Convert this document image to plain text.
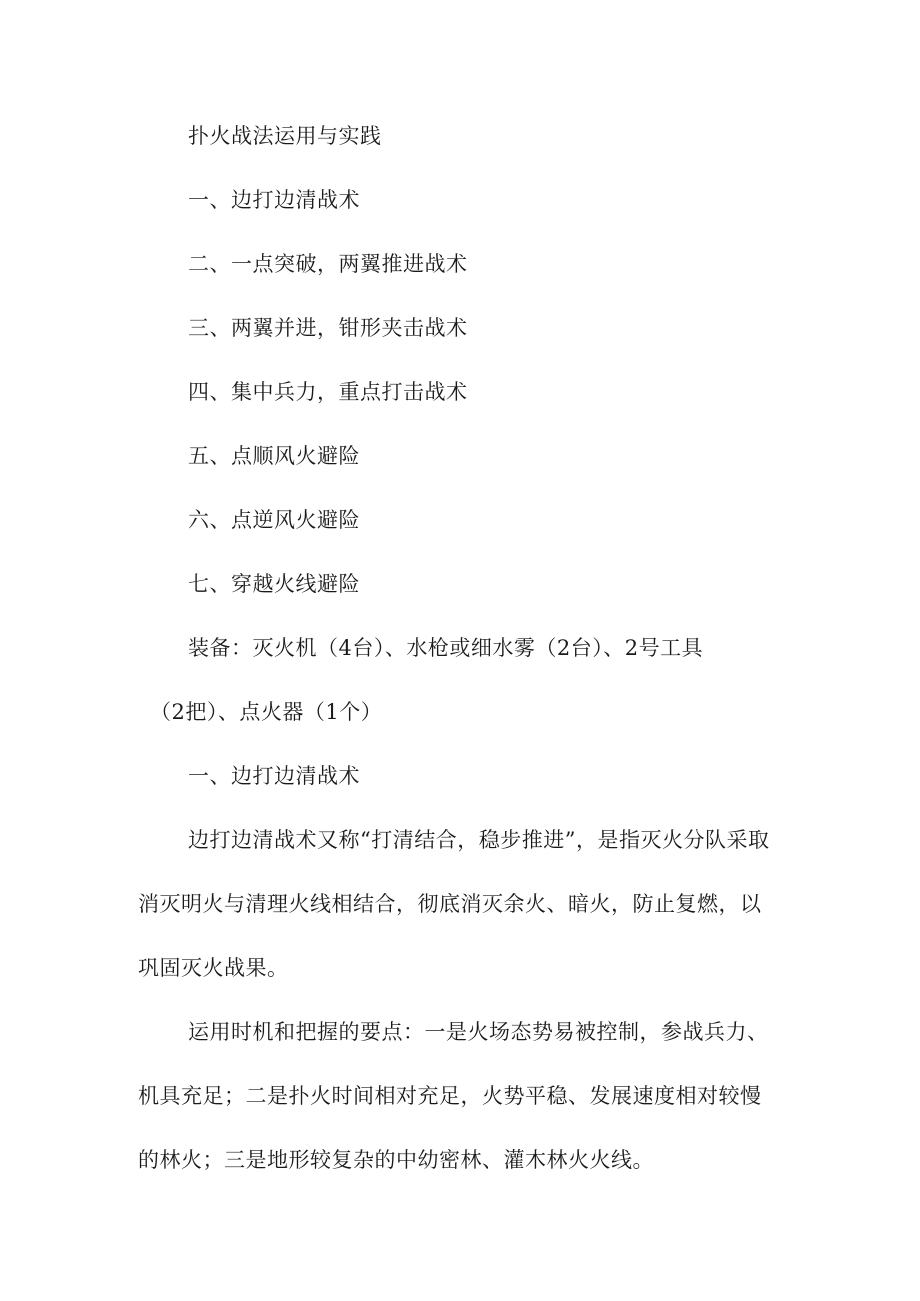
扑火战法运用与实践
一、边打边清战术
二、一点突破，两翼推进战术
三、两翼并进，钳形夹击战术
四、集中兵力，重点打击战术
五、点顺风火避险
六、点逆风火避险
七、穿越火线避险
装备：灭火机（4台）、水枪或细水雾（2台）、2号工具
（2把）、点火器（1个）
一、边打边清战术
边打边清战术又称“打清结合，稳步推进”，是指灭火分队采取
消灭明火与清理火线相结合，彻底消灭余火、暗火，防止复燃，以
巩固灭火战果。
运用时机和把握的要点：一是火场态势易被控制，参战兵力、
机具充足；二是扑火时间相对充足，火势平稳、发展速度相对较慢
的林火；三是地形较复杂的中幼密林、灌木林火火线。
